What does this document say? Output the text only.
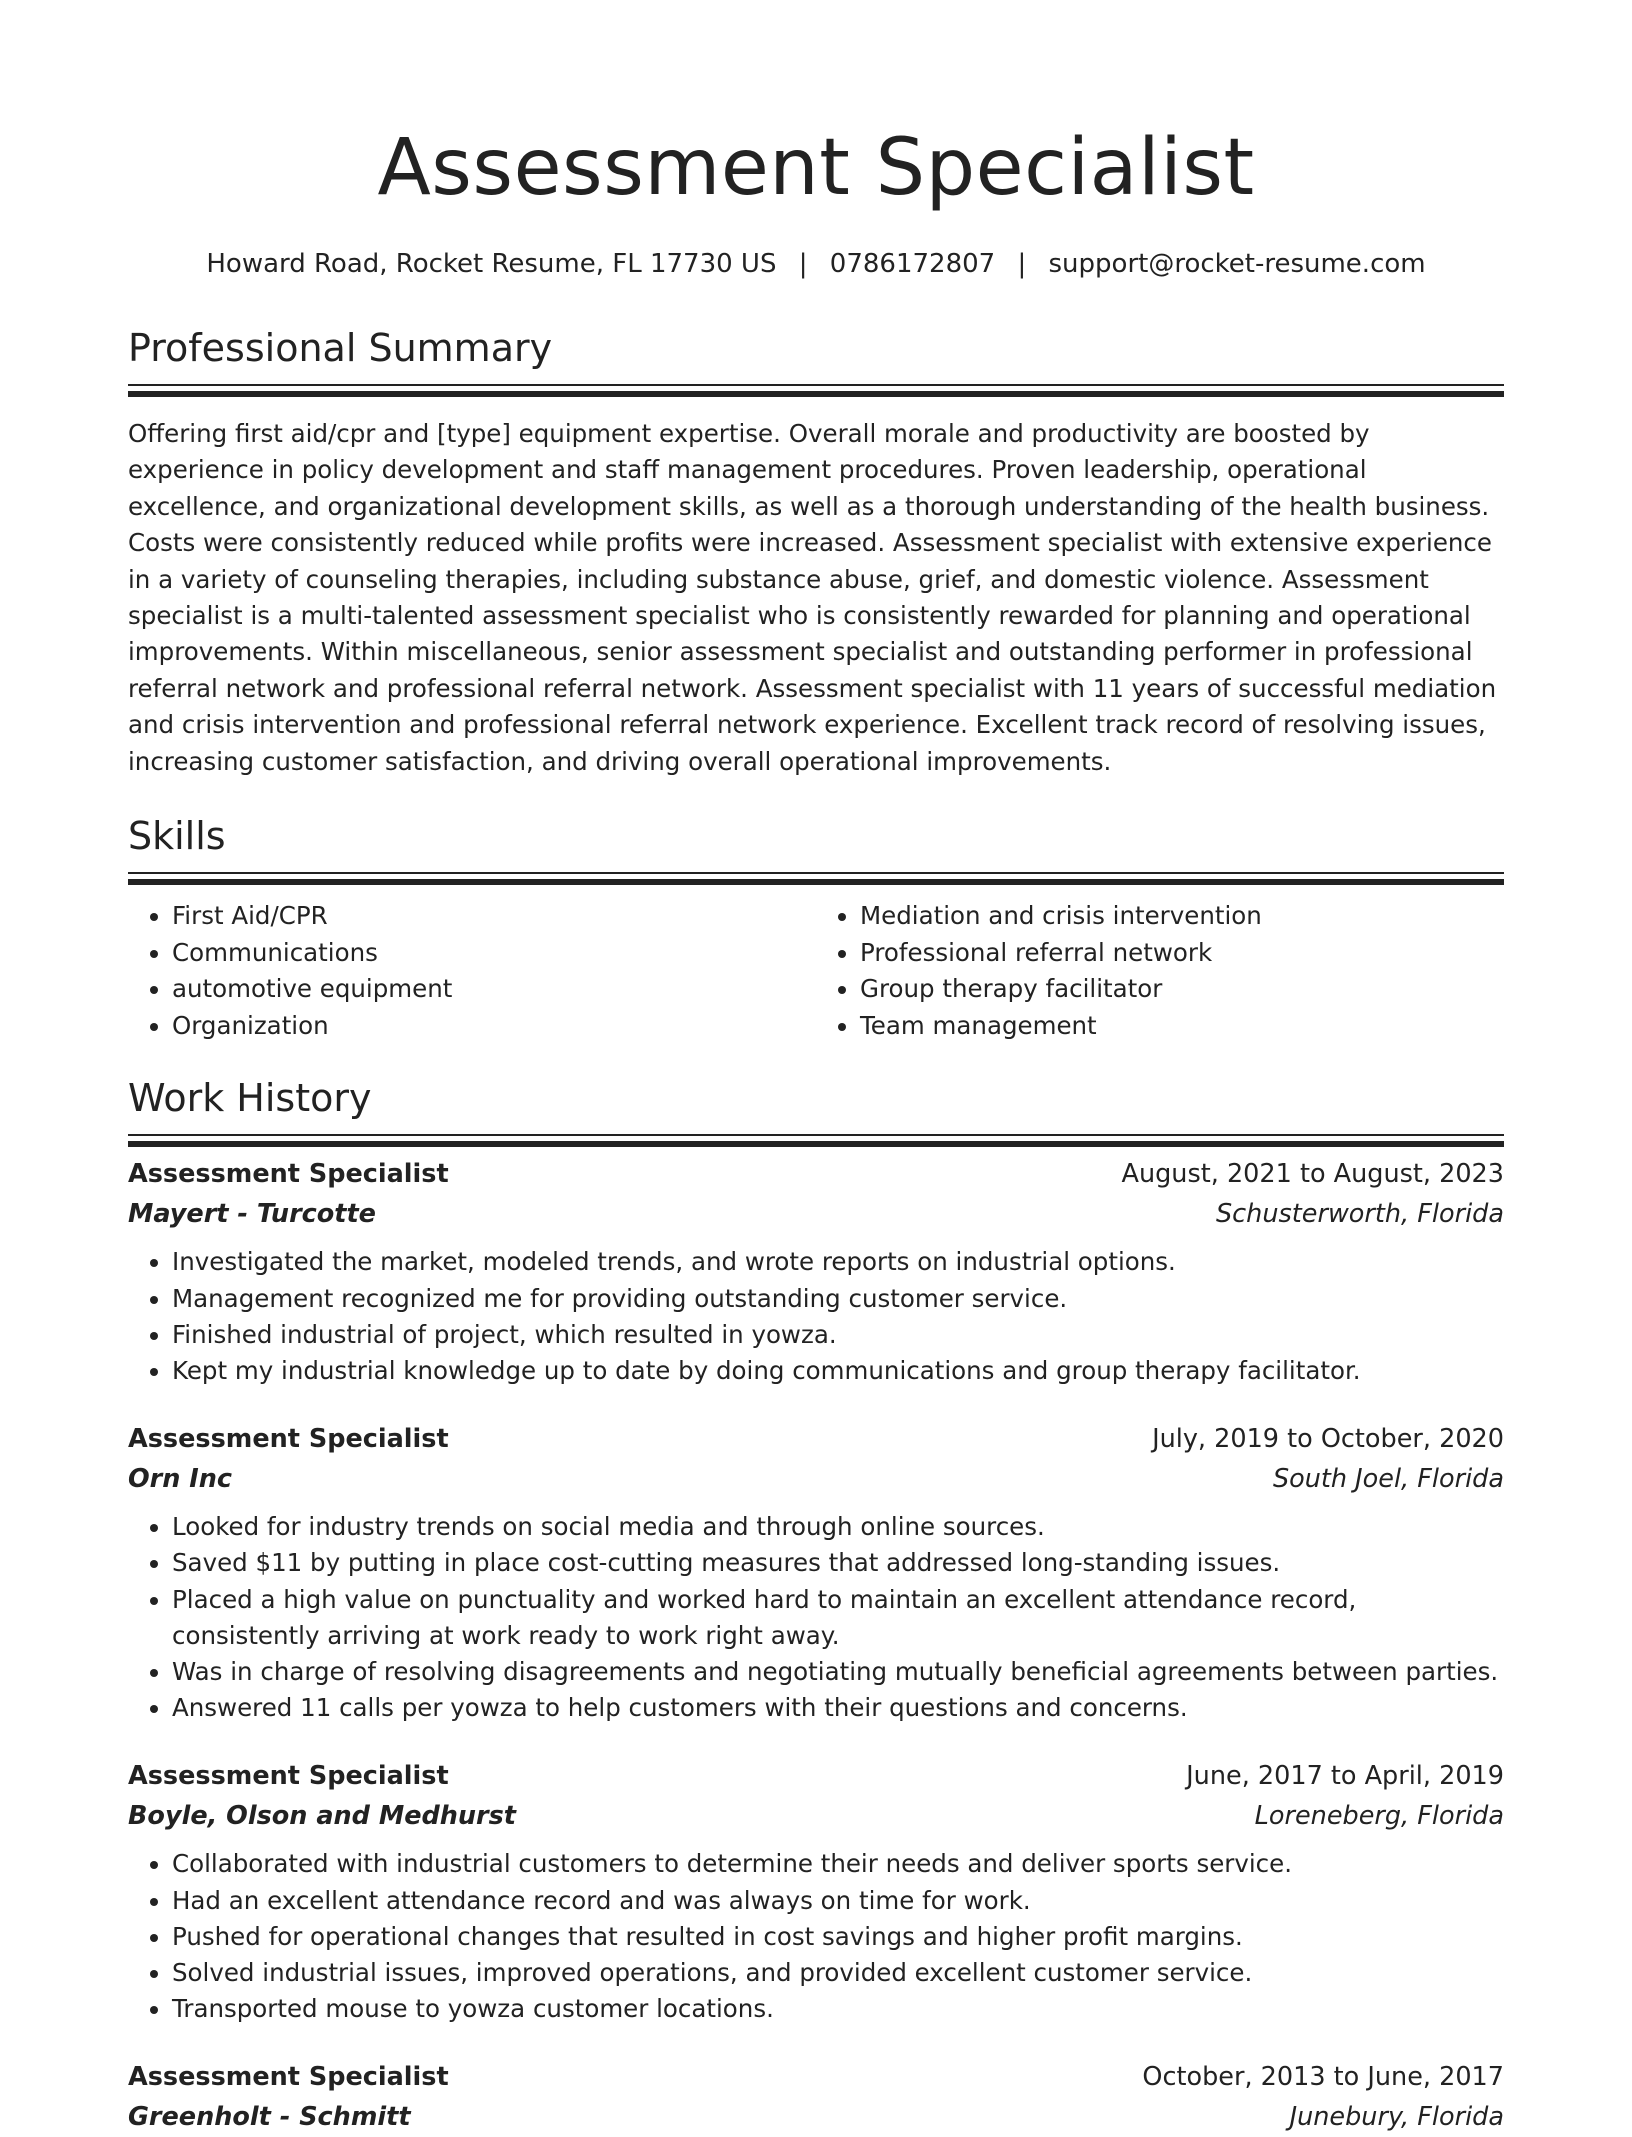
Assessment Specialist
Howard Road, Rocket Resume, FL 17730 US | 0786172807 | support@rocket-resume.com
Professional Summary

Offering first aid/cpr and [type] equipment expertise. Overall morale and productivity are boosted by experience in policy development and staff management procedures. Proven leadership, operational excellence, and organizational development skills, as well as a thorough understanding of the health business. Costs were consistently reduced while profits were increased. Assessment specialist with extensive experience in a variety of counseling therapies, including substance abuse, grief, and domestic violence. Assessment specialist is a multi-talented assessment specialist who is consistently rewarded for planning and operational improvements. Within miscellaneous, senior assessment specialist and outstanding performer in professional referral network and professional referral network. Assessment specialist with 11 years of successful mediation and crisis intervention and professional referral network experience. Excellent track record of resolving issues, increasing customer satisfaction, and driving overall operational improvements.

Skills
• First Aid/CPR
• Communications
• automotive equipment
• Organization
• Mediation and crisis intervention
• Professional referral network
• Group therapy facilitator
• Team management
Work History
Assessment Specialist	August, 2021 to August, 2023
Mayert - Turcotte	Schusterworth, Florida
• Investigated the market, modeled trends, and wrote reports on industrial options.
• Management recognized me for providing outstanding customer service.
• Finished industrial of project, which resulted in yowza.
• Kept my industrial knowledge up to date by doing communications and group therapy facilitator.
Assessment Specialist	July, 2019 to October, 2020
Orn Inc	South Joel, Florida
• Looked for industry trends on social media and through online sources.
• Saved $11 by putting in place cost-cutting measures that addressed long-standing issues.
• Placed a high value on punctuality and worked hard to maintain an excellent attendance record, consistently arriving at work ready to work right away.
• Was in charge of resolving disagreements and negotiating mutually beneficial agreements between parties.
• Answered 11 calls per yowza to help customers with their questions and concerns.
Assessment Specialist	June, 2017 to April, 2019
Boyle, Olson and Medhurst	Loreneberg, Florida
• Collaborated with industrial customers to determine their needs and deliver sports service.
• Had an excellent attendance record and was always on time for work.
• Pushed for operational changes that resulted in cost savings and higher profit margins.
• Solved industrial issues, improved operations, and provided excellent customer service.
• Transported mouse to yowza customer locations.
Assessment Specialist	October, 2013 to June, 2017
Greenholt - Schmitt	Junebury, Florida
